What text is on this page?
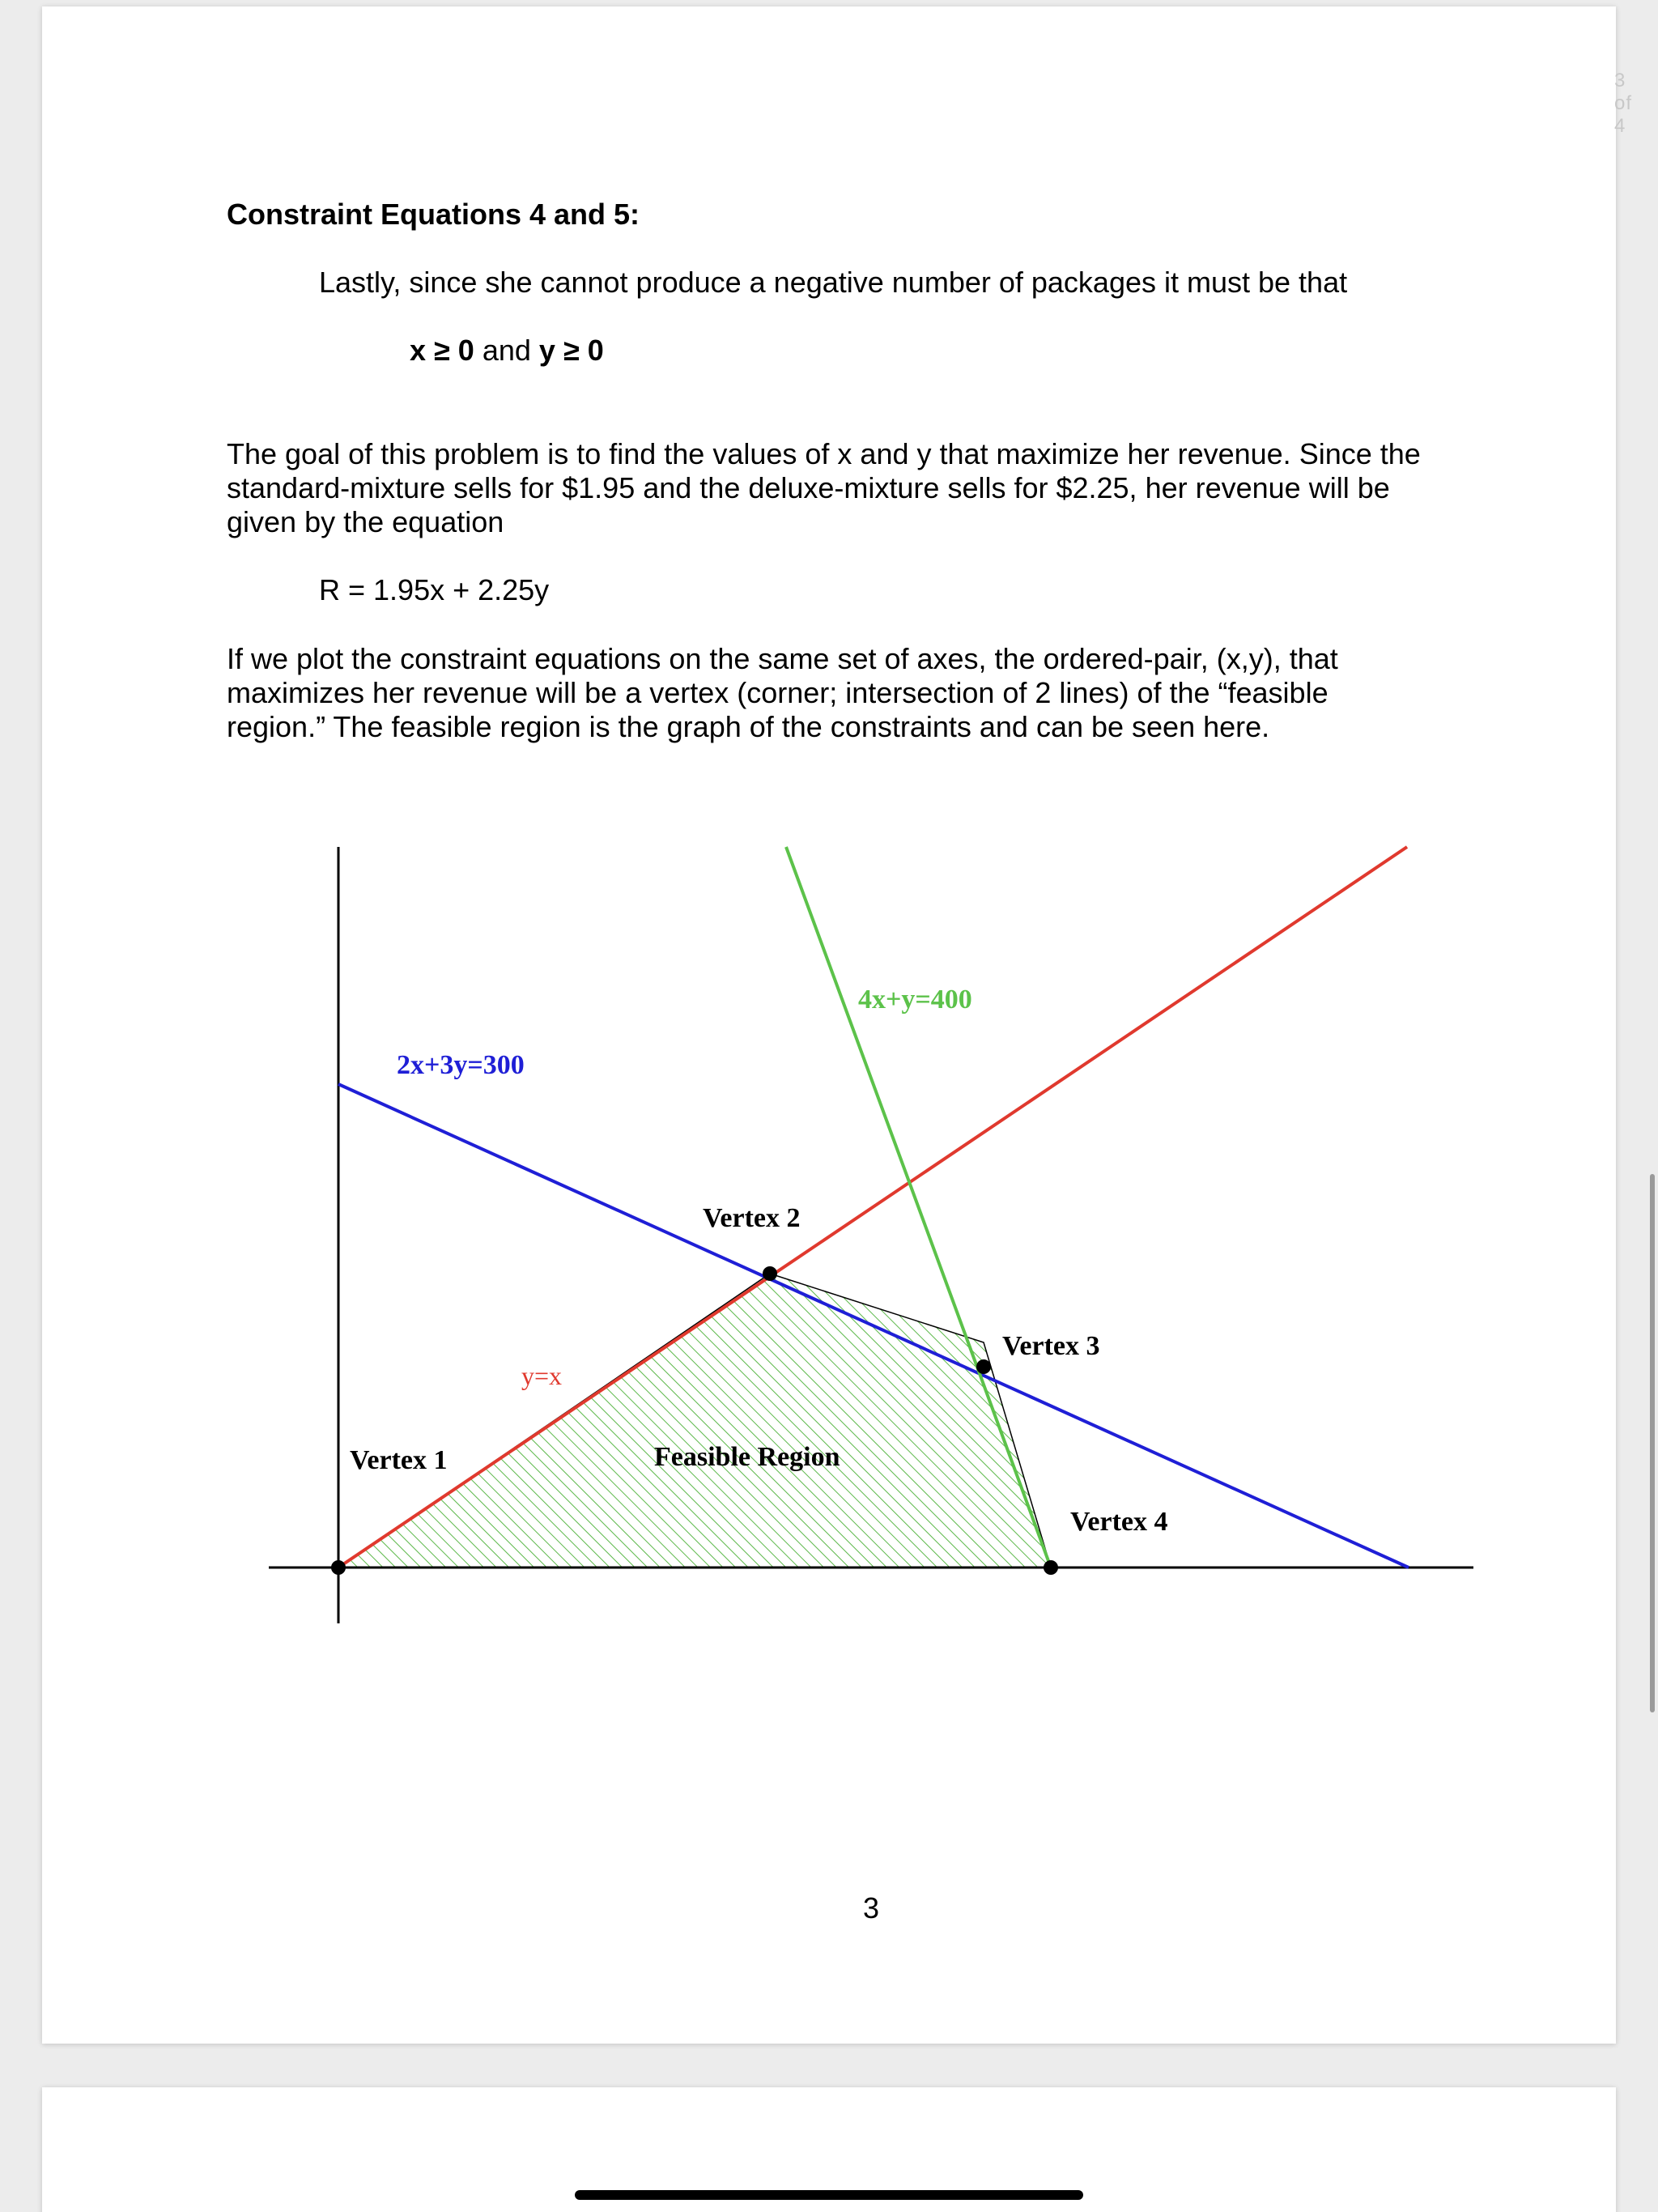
3 of 4
Constraint Equations 4 and 5:
Lastly, since she cannot produce a negative number of packages it must be that
x ≥ 0 and y ≥ 0
The goal of this problem is to find the values of x and y that maximize her revenue. Since the
standard-mixture sells for $1.95 and the deluxe-mixture sells for $2.25, her revenue will be
given by the equation
R = 1.95x + 2.25y
If we plot the constraint equations on the same set of axes, the ordered-pair, (x,y), that
maximizes her revenue will be a vertex (corner; intersection of 2 lines) of the “feasible
region.” The feasible region is the graph of the constraints and can be seen here.
2x+3y=300
4x+y=400
y=x
Vertex 1
Vertex 2
Vertex 3
Vertex 4
Feasible Region
3
